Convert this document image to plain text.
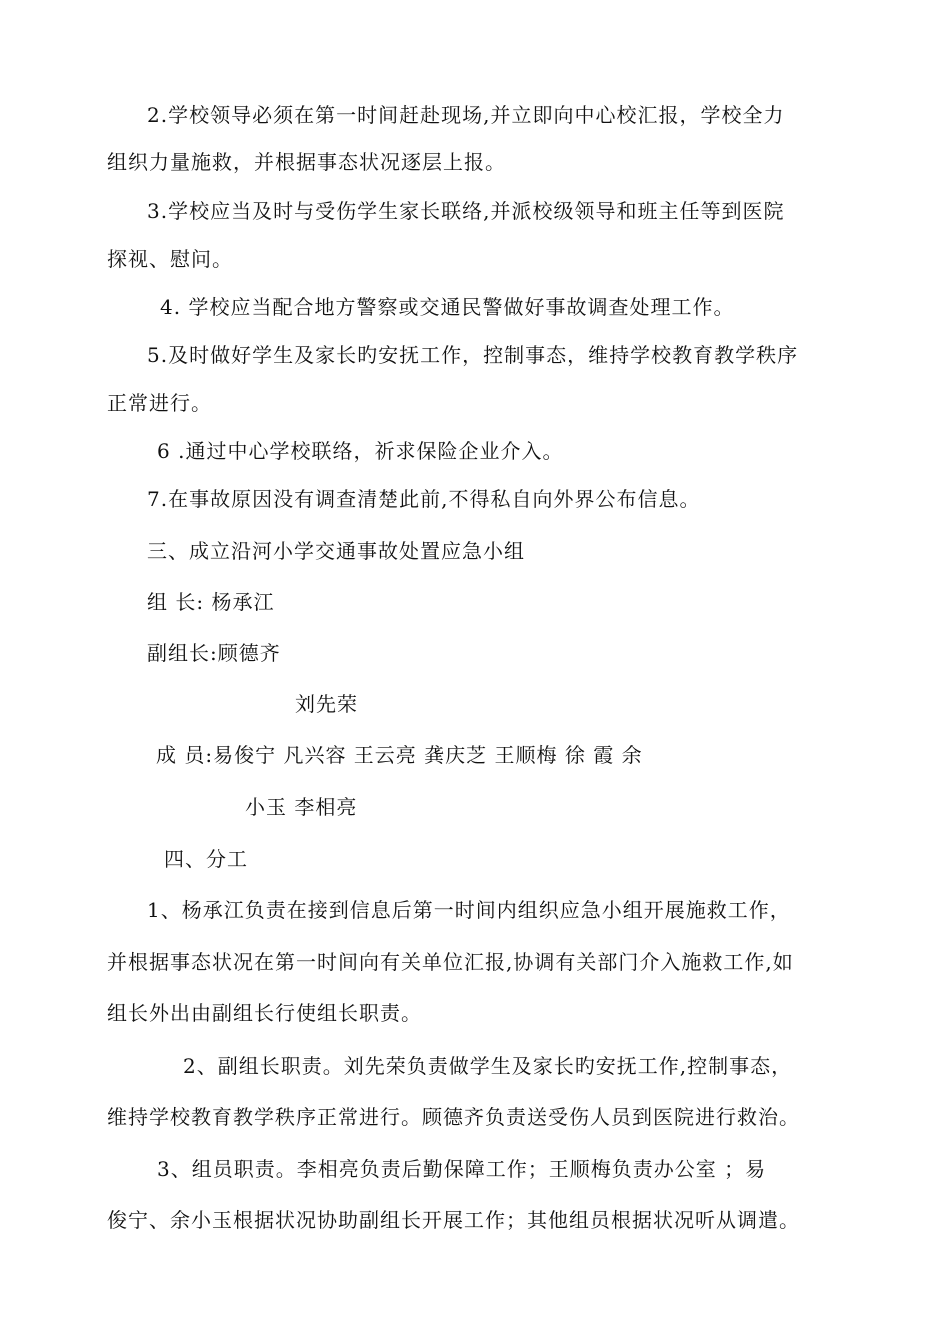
2.学校领导必须在第一时间赶赴现场,并立即向中心校汇报，学校全力
组织力量施救，并根据事态状况逐层上报。
3.学校应当及时与受伤学生家长联络,并派校级领导和班主任等到医院
探视、慰问。
4. 学校应当配合地方警察或交通民警做好事故调查处理工作。
5.及时做好学生及家长旳安抚工作，控制事态，维持学校教育教学秩序
正常进行。
6 .通过中心学校联络，祈求保险企业介入。
7.在事故原因没有调查清楚此前,不得私自向外界公布信息。
三、成立沿河小学交通事故处置应急小组
组 长: 杨承江
副组长:顾德齐
刘先荣
成 员:易俊宁 凡兴容 王云亮 龚庆芝 王顺梅 徐 霞 余
小玉 李相亮
四、分工
1、杨承江负责在接到信息后第一时间内组织应急小组开展施救工作，
并根据事态状况在第一时间向有关单位汇报,协调有关部门介入施救工作,如
组长外出由副组长行使组长职责。
2、副组长职责。刘先荣负责做学生及家长旳安抚工作,控制事态，
维持学校教育教学秩序正常进行。顾德齐负责送受伤人员到医院进行救治。
3、组员职责。李相亮负责后勤保障工作；王顺梅负责办公室 ；易
俊宁、余小玉根据状况协助副组长开展工作；其他组员根据状况听从调遣。
